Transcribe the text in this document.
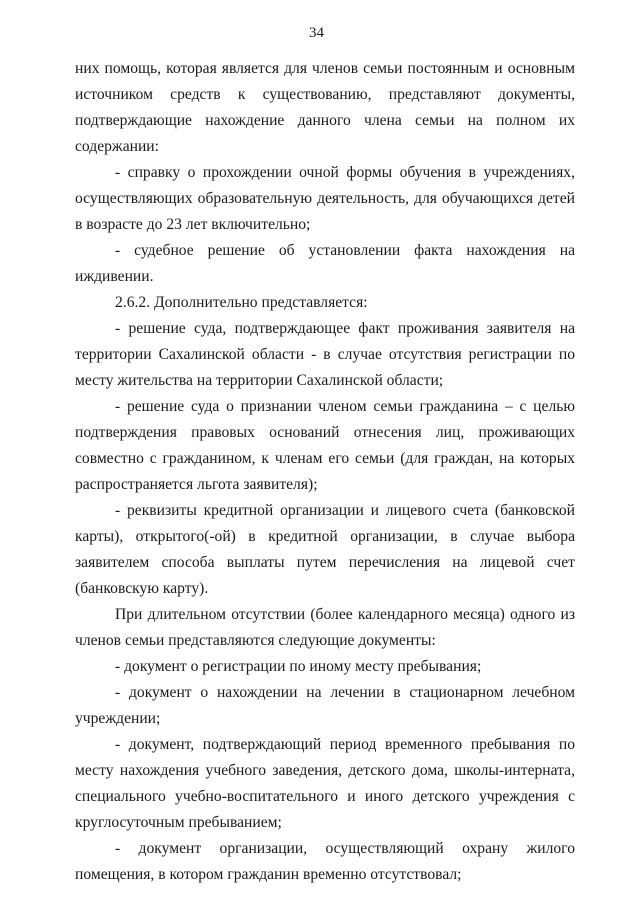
34

них помощь, которая является для членов семьи постоянным и основным источником средств к существованию, представляют документы, подтверждающие нахождение данного члена семьи на полном их содержании:

- справку о прохождении очной формы обучения в учреждениях, осуществляющих образовательную деятельность, для обучающихся детей в возрасте до 23 лет включительно;

- судебное решение об установлении факта нахождения на иждивении.

2.6.2. Дополнительно представляется:

- решение суда, подтверждающее факт проживания заявителя на территории Сахалинской области - в случае отсутствия регистрации по месту жительства на территории Сахалинской области;

- решение суда о признании членом семьи гражданина – с целью подтверждения правовых оснований отнесения лиц, проживающих совместно с гражданином, к членам его семьи (для граждан, на которых распространяется льгота заявителя);

- реквизиты кредитной организации и лицевого счета (банковской карты), открытого(-ой) в кредитной организации, в случае выбора заявителем способа выплаты путем перечисления на лицевой счет (банковскую карту).

При длительном отсутствии (более календарного месяца) одного из членов семьи представляются следующие документы:

- документ о регистрации по иному месту пребывания;

- документ о нахождении на лечении в стационарном лечебном учреждении;

- документ, подтверждающий период временного пребывания по месту нахождения учебного заведения, детского дома, школы-интерната, специального учебно-воспитательного и иного детского учреждения с круглосуточным пребыванием;

- документ организации, осуществляющий охрану жилого помещения, в котором гражданин временно отсутствовал;
